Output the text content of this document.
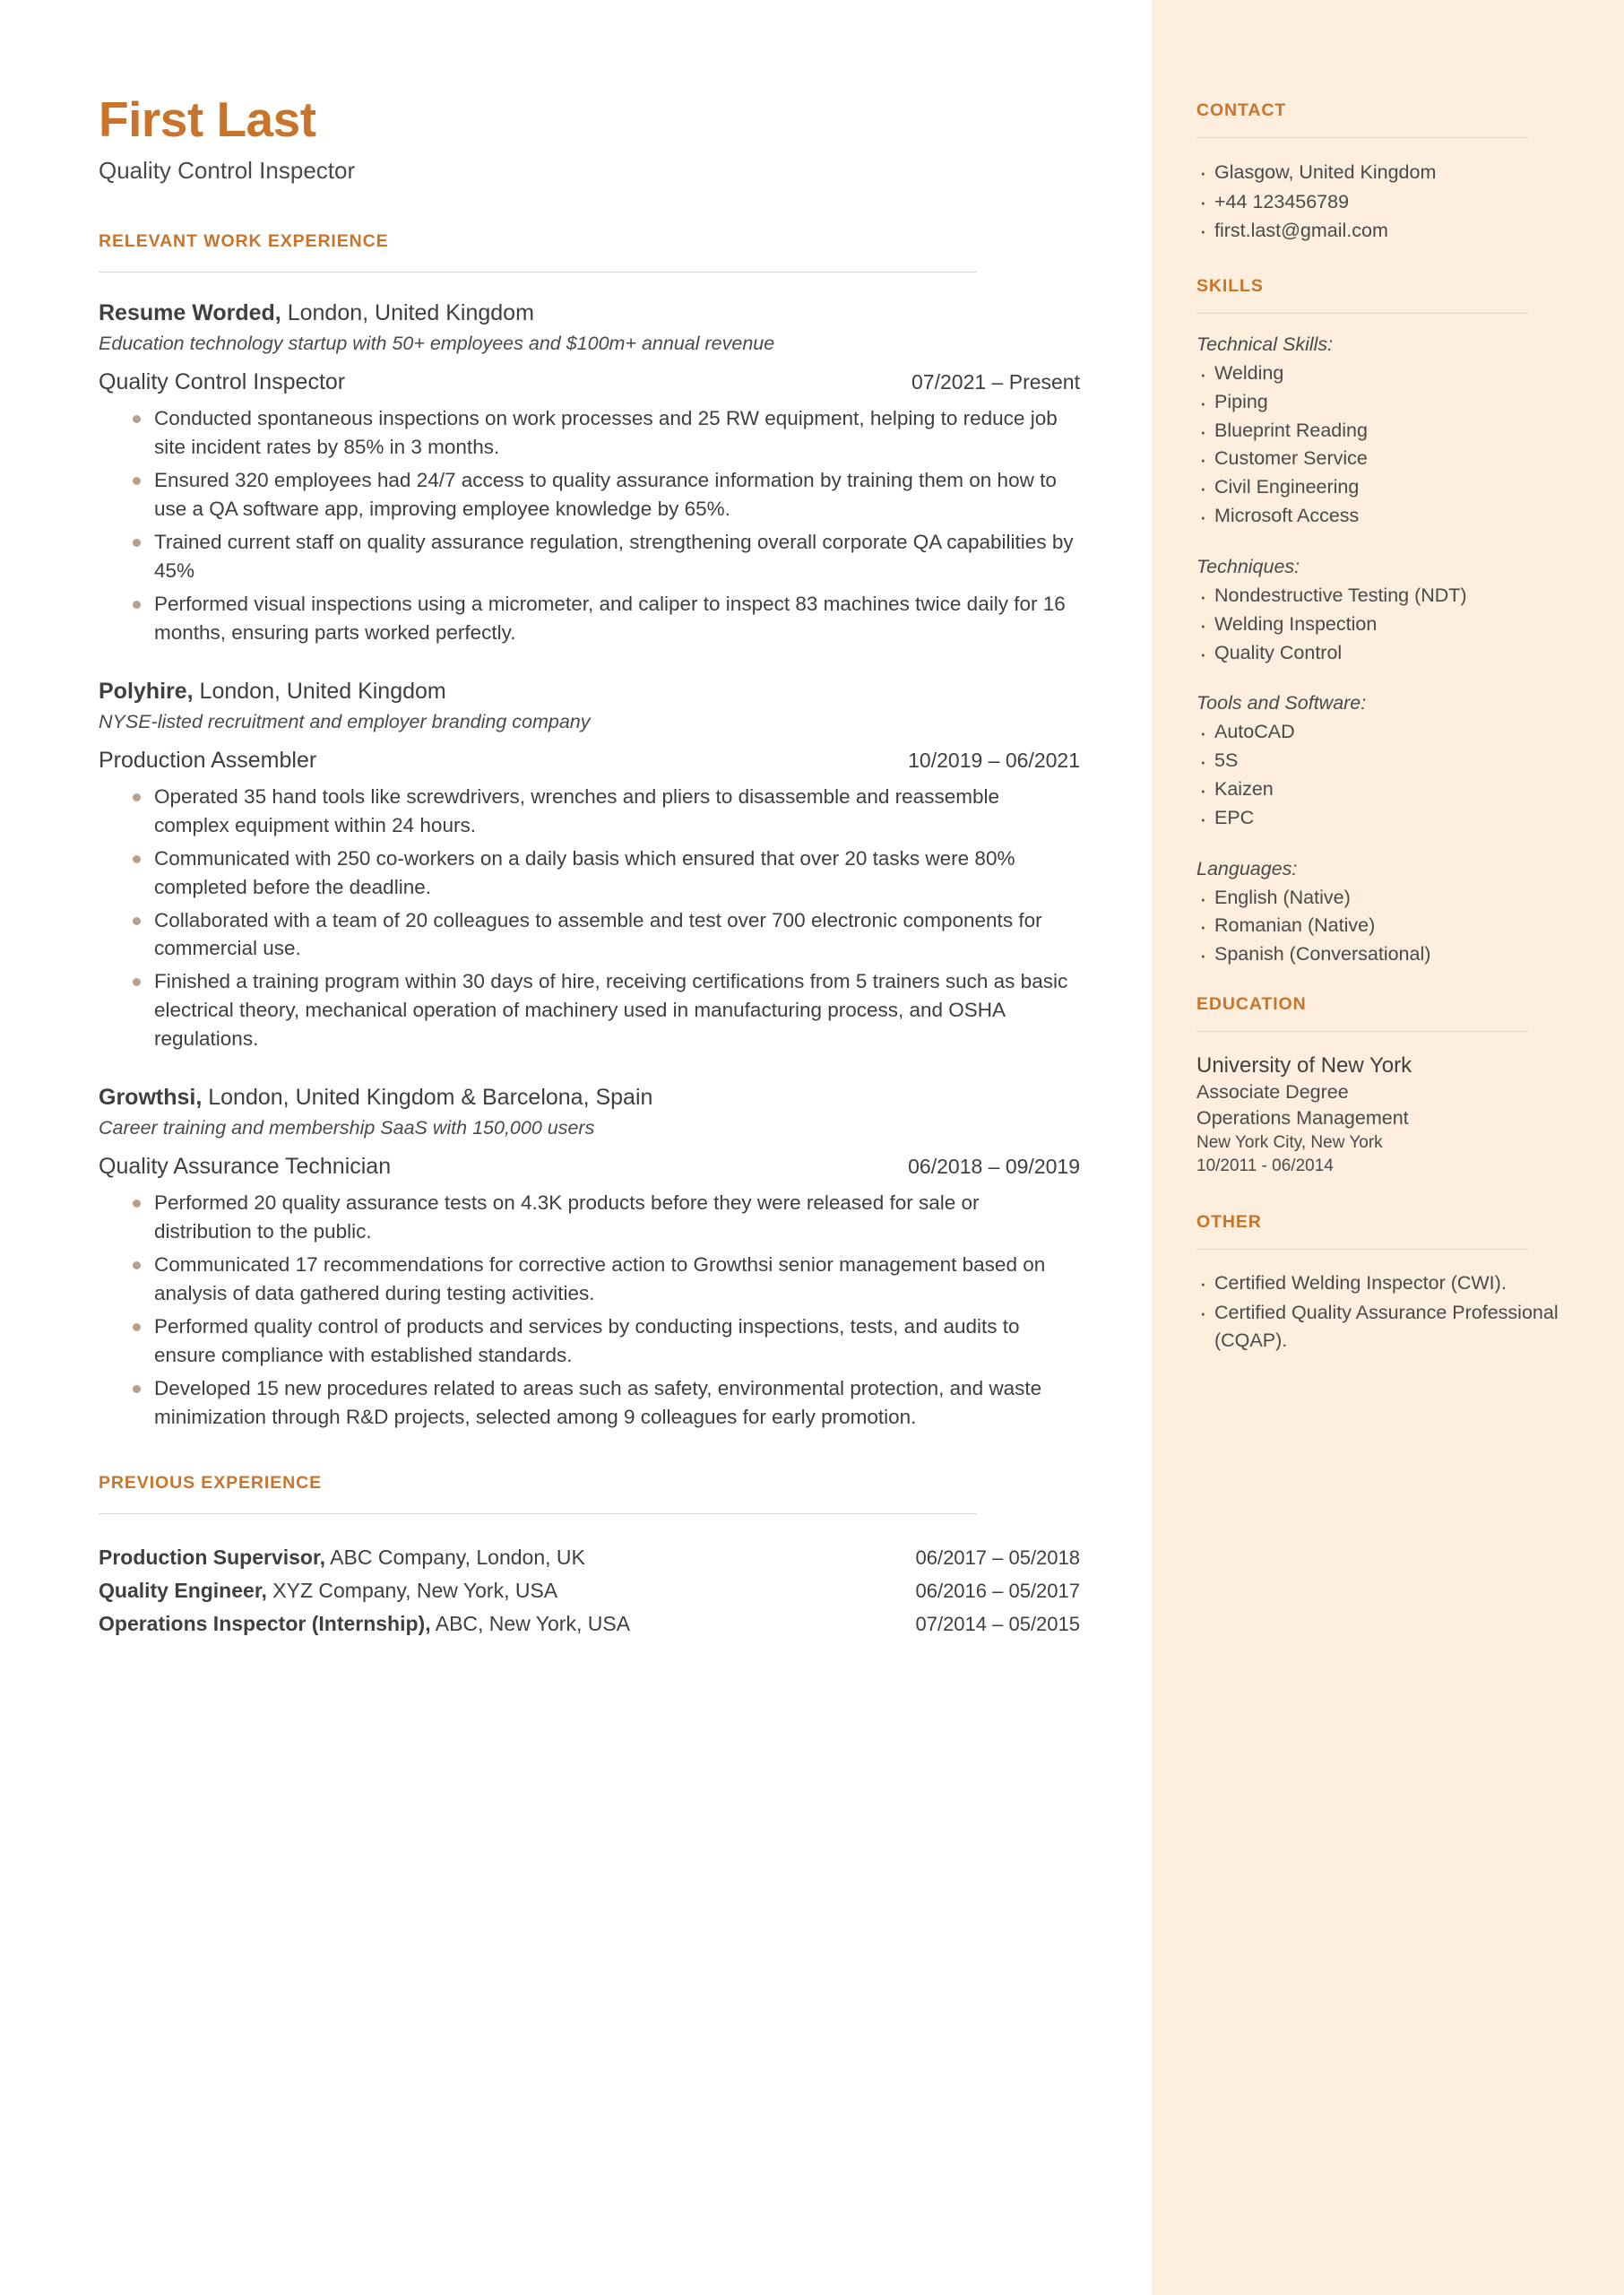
First Last
Quality Control Inspector
RELEVANT WORK EXPERIENCE
Resume Worded, London, United Kingdom
Education technology startup with 50+ employees and $100m+ annual revenue
Quality Control Inspector	07/2021 – Present
Conducted spontaneous inspections on work processes and 25 RW equipment, helping to reduce job site incident rates by 85% in 3 months.
Ensured 320 employees had 24/7 access to quality assurance information by training them on how to use a QA software app, improving employee knowledge by 65%.
Trained current staff on quality assurance regulation, strengthening overall corporate QA capabilities by 45%
Performed visual inspections using a micrometer, and caliper to inspect 83 machines twice daily for 16 months, ensuring parts worked perfectly.
Polyhire, London, United Kingdom
NYSE-listed recruitment and employer branding company
Production Assembler	10/2019 – 06/2021
Operated 35 hand tools like screwdrivers, wrenches and pliers to disassemble and reassemble complex equipment within 24 hours.
Communicated with 250 co-workers on a daily basis which ensured that over 20 tasks were 80% completed before the deadline.
Collaborated with a team of 20 colleagues to assemble and test over 700 electronic components for commercial use.
Finished a training program within 30 days of hire, receiving certifications from 5 trainers such as basic electrical theory, mechanical operation of machinery used in manufacturing process, and OSHA regulations.
Growthsi, London, United Kingdom & Barcelona, Spain
Career training and membership SaaS with 150,000 users
Quality Assurance Technician	06/2018 – 09/2019
Performed 20 quality assurance tests on 4.3K products before they were released for sale or distribution to the public.
Communicated 17 recommendations for corrective action to Growthsi senior management based on analysis of data gathered during testing activities.
Performed quality control of products and services by conducting inspections, tests, and audits to ensure compliance with established standards.
Developed 15 new procedures related to areas such as safety, environmental protection, and waste minimization through R&D projects, selected among 9 colleagues for early promotion.
PREVIOUS EXPERIENCE
Production Supervisor, ABC Company, London, UK	06/2017 – 05/2018
Quality Engineer, XYZ Company, New York, USA	06/2016 – 05/2017
Operations Inspector (Internship), ABC, New York, USA	07/2014 – 05/2015
CONTACT
· Glasgow, United Kingdom
· +44 123456789
· first.last@gmail.com
SKILLS
Technical Skills:
· Welding
· Piping
· Blueprint Reading
· Customer Service
· Civil Engineering
· Microsoft Access
Techniques:
· Nondestructive Testing (NDT)
· Welding Inspection
· Quality Control
Tools and Software:
· AutoCAD
· 5S
· Kaizen
· EPC
Languages:
· English (Native)
· Romanian (Native)
· Spanish (Conversational)
EDUCATION
University of New York
Associate Degree
Operations Management
New York City, New York
10/2011 - 06/2014
OTHER
· Certified Welding Inspector (CWI).
· Certified Quality Assurance Professional (CQAP).
